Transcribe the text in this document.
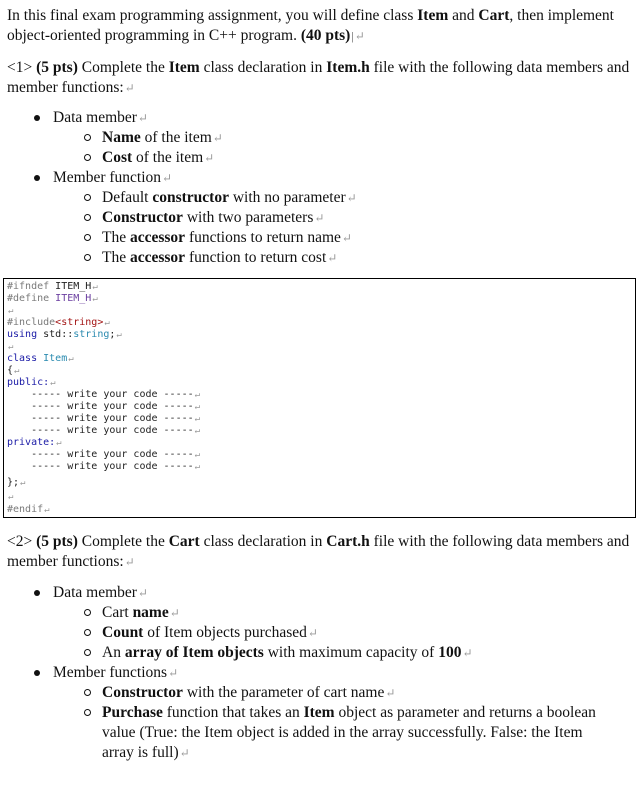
In this final exam programming assignment, you will define class Item and Cart, then implement object-oriented programming in C++ program. (40 pts)|↵
<1> (5 pts) Complete the Item class declaration in Item.h file with the following data members and member functions:↵
Data member↵
Name of the item↵
Cost of the item↵
Member function↵
Default constructor with no parameter↵
Constructor with two parameters↵
The accessor functions to return name↵
The accessor function to return cost↵
#ifndef ITEM_H↵
#define ITEM_H↵
↵
#include<string>↵
using std::string;↵
↵
class Item↵
{↵
public:↵
----- write your code -----↵
----- write your code -----↵
----- write your code -----↵
----- write your code -----↵
private:↵
----- write your code -----↵
----- write your code -----↵
};↵
↵
#endif↵
<2> (5 pts) Complete the Cart class declaration in Cart.h file with the following data members and member functions:↵
Data member↵
Cart name↵
Count of Item objects purchased↵
An array of Item objects with maximum capacity of 100↵
Member functions↵
Constructor with the parameter of cart name↵
Purchase function that takes an Item object as parameter and returns a boolean value (True: the Item object is added in the array successfully. False: the Item array is full)↵
